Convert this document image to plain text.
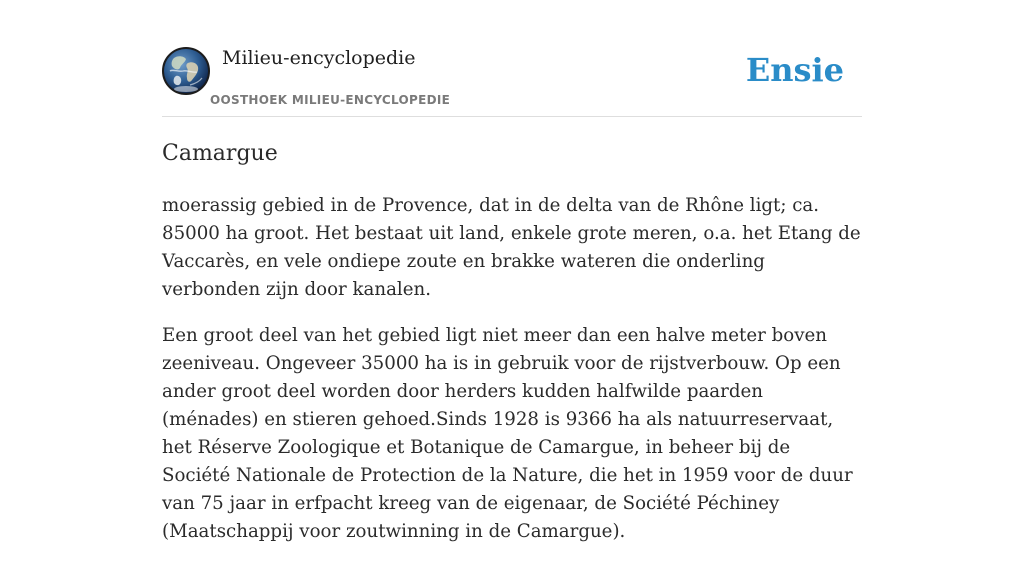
Milieu-encyclopedie
OOSTHOEK MILIEU-ENCYCLOPEDIE
Ensie
Camargue

moerassig gebied in de Provence, dat in de delta van de Rhône ligt; ca. 85000 ha groot. Het bestaat uit land, enkele grote meren, o.a. het Etang de Vaccarès, en vele ondiepe zoute en brakke wateren die onderling verbonden zijn door kanalen.

Een groot deel van het gebied ligt niet meer dan een halve meter boven zeeniveau. Ongeveer 35000 ha is in gebruik voor de rijstverbouw. Op een ander groot deel worden door herders kudden halfwilde paarden (ménades) en stieren gehoed.Sinds 1928 is 9366 ha als natuurreservaat, het Réserve Zoologique et Botanique de Camargue, in beheer bij de Société Nationale de Protection de la Nature, die het in 1959 voor de duur van 75 jaar in erfpacht kreeg van de eigenaar, de Société Péchiney (Maatschappij voor zoutwinning in de Camargue).
